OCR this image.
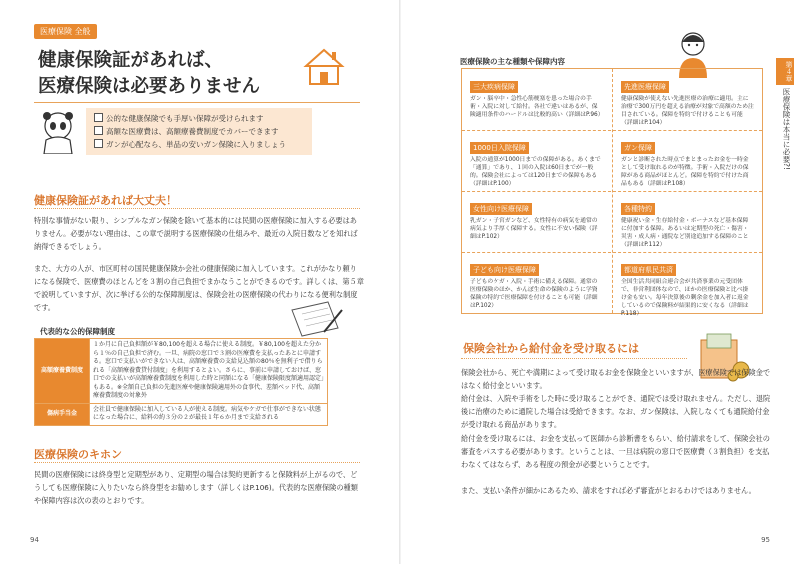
医療保険 全般
健康保険証があれば、
医療保険は必要ありません
公的な健康保険でも手厚い保障が受けられます
高額な医療費は、高額療養費制度でカバーできます
ガンが心配なら、単品の安いガン保険に入りましょう
健康保険証があれば大丈夫！
特別な事情がない限り、シンプルなガン保険を除いて基本的には民間の医療保険に加入する必要はありません。必要がない理由は、この章で説明する医療保険の仕組みや、最近の入院日数などを知れば納得できるでしょう。
また、大方の人が、市区町村の国民健康保険か会社の健康保険に加入しています。これがかなり頼りになる保険で、医療費のほとんどを３割の自己負担でまかなうことができるのです。詳しくは、第５章で説明していますが、次に挙げる公的な保障制度は、保険会社の医療保険の代わりになる便利な制度です。
代表的な公的保障制度
高額療養費制度	１か月に自己負担額が￥80,100を超える場合に使える制度。￥80,100を超えた分から１％の自己負担で済む。一旦、病院の窓口で３割の医療費を支払ったあとに申請する。窓口で支払いができない人は、高額療養費の支給見込額の80％を無利子で借りられる「高額療養費貸付制度」を利用するとよい。さらに、事前に申請しておけば、窓口での支払いが高額療養費制度を利用した時と同額になる「健康保険限度額適用認定」もある。※全額自己負担の先進医療や健康保険適用外の食事代、差額ベッド代、高額療養費制度の対象外
傷病手当金	会社員で健康保険に加入している人が使える制度。病気やケガで仕事ができない状態になった場合に、給料の約３分の２が最長１年６か月まで支給される
医療保険のキホン
民間の医療保険には終身型と定期型があり、定期型の場合は契約更新すると保険料が上がるので、どうしても医療保険に入りたいなら終身型をお勧めします（詳しくはP.106)。代表的な医療保険の種類や保障内容は次の表のとおりです。
94
医療保険の主な種類や保障内容
三大疾病保障
ガン・脳卒中・急性心筋梗塞を患った場合の手術・入院に対して給付。各社で違いはあるが、保険適用条件のハードルは比較的高い（詳細はP.96）
先進医療保障
健康保険が使えない先進医療の治療に適用。主に治療で300万円を超える治療が対象で高額のため注目されている。保障を特約で付けることも可能（詳細はP.104）
1000日入院保障
入院の通算が1000日までの保障がある。あくまで「通算」であり、１回の入院は60日までが一般的。保険会社によっては120日までの保障もある（詳細はP.100）
ガン保障
ガンと診断された時点でまとまったお金を一時金として受け取れるのが特徴。手術・入院だけの保障がある商品がほとんど。保障を特約で付けた商品もある（詳細はP.108）
女性向け医療保障
乳ガン・子宮ガンなど、女性特有の病気を通常の病気より手厚く保障する。女性に不安い保険（詳細はP.102）
各種特約
健康祝い金・生存給付金・ボーナスなど基本保障に付加する保障。あるいは定期型の死亡・傷害・災害・成人病・通院など別途追加する保障のこと（詳細はP.112）
子ども向け医療保障
子どものケガ・入院・手術に備える保障。通常の医療保険のほか、かんぽ生命の保険のように学資保険の特約で医療保障を付けることも可能（詳細はP.102）
都道府県民共済
全国生活共同組合連合会が共済事業の元受団体で、非営利団体なので、ほかの医療保険と比べ掛け金も安い。毎年決算後の剰余金を加入者に返金しているので保険料が結果的に安くなる（詳細はP.118）
保険会社から給付金を受け取るには
保険会社から、死亡や満期によって受け取るお金を保険金といいますが、医療保険では保険金ではなく給付金といいます。
給付金は、入院や手術をした時に受け取ることができ、通院では受け取れません。ただし、退院後に治療のために通院した場合は受給できます。なお、ガン保険は、入院しなくても通院給付金が受け取れる商品があります。
給付金を受け取るには、お金を支払って医師から診断書をもらい、給付請求をして、保険会社の審査をパスする必要があります。ということは、一旦は病院の窓口で医療費（３割負担）を支払わなくてはならず、ある程度の預金が必要ということです。
また、支払い条件が細かにあるため、請求をすれば必ず審査がとおるわけではありません。
第４章
医療保険は本当に必要?!
95
